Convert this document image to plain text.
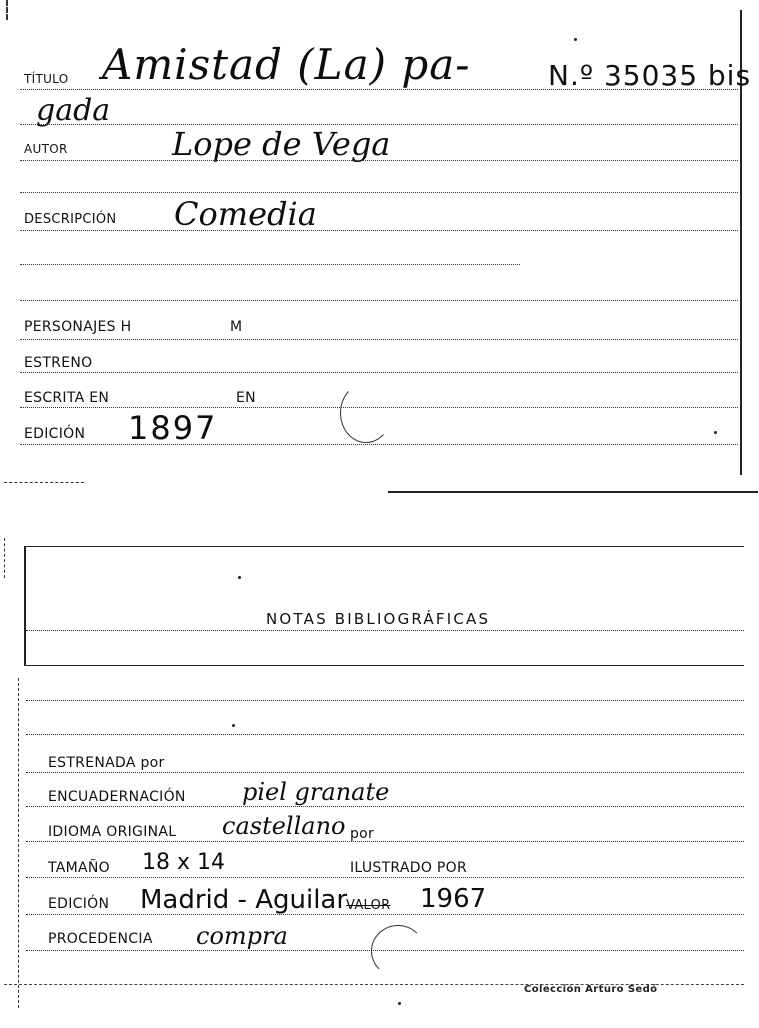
TÍTULO Amistad (La) pa-	N.º 35035 bis
gada
AUTOR	Lope de Vega
DESCRIPCIÓN Comedia
PERSONAJES H	M
ESTRENO
ESCRITA EN	EN
EDICIÓN 1897
NOTAS BIBLIOGRÁFICAS
ESTRENADA por
ENCUADERNACIÓN piel granate
IDIOMA ORIGINAL castellano por
TAMAÑO 18 x 14	ILUSTRADO POR
EDICIÓN Madrid - Aguilar
VALOR 1967
PROCEDENCIA compra
Colección Arturo Sedó
